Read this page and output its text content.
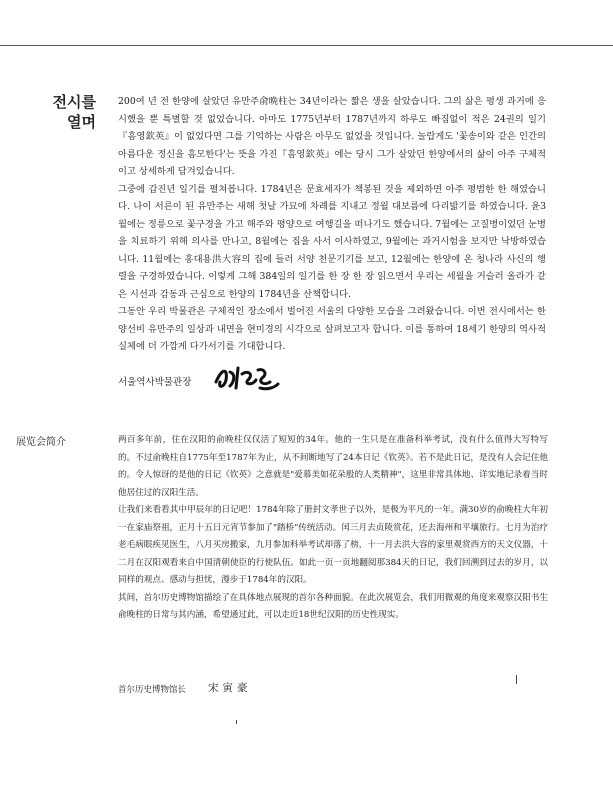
전시를
열며

200여 년 전 한양에 살았던 유만주俞晩柱는 34년이라는 짧은 생을 살았습니다. 그의 삶은 평생 과거에 응시했을 뿐 특별할 것 없었습니다. 아마도 1775년부터 1787년까지 하루도 빠짐없이 적은 24권의 일기『흠영欽英』이 없었다면 그를 기억하는 사람은 아무도 없었을 것입니다. 놀랍게도 '꽃송이와 같은 인간의 아름다운 정신을 흠모한다'는 뜻을 가진『흠영欽英』에는 당시 그가 살았던 한양에서의 삶이 아주 구체적이고 상세하게 담겨있습니다.

그중에 갑진년 일기를 펼쳐봅니다. 1784년은 문효세자가 책봉된 것을 제외하면 아주 평범한 한 해였습니다. 나이 서른이 된 유만주는 새해 첫날 가묘에 차례를 지내고 정월 대보름에 다리밟기를 하였습니다. 윤3월에는 정릉으로 꽃구경을 가고 해주와 평양으로 여행길을 떠나기도 했습니다. 7월에는 고질병이었던 눈병을 치료하기 위해 의사를 만나고, 8월에는 집을 사서 이사하였고, 9월에는 과거시험을 보지만 낙방하였습니다. 11월에는 홍대용洪大容의 집에 들러 서양 천문기기를 보고, 12월에는 한양에 온 청나라 사신의 행렬을 구경하였습니다. 이렇게 그해 384일의 일기를 한 장 한 장 읽으면서 우리는 세월을 거슬러 올라가 같은 시선과 감동과 근심으로 한양의 1784년을 산책합니다.

그동안 우리 박물관은 구체적인 장소에서 벌어진 서울의 다양한 모습을 그려왔습니다. 이번 전시에서는 한양선비 유만주의 일상과 내면을 현미경의 시각으로 살펴보고자 합니다. 이를 통하여 18세기 한양의 역사적 실체에 더 가깝게 다가서기를 기대합니다.

서울역사박물관장
展览会简介	两百多年前，住在汉阳的俞晚柱仅仅活了短短的34年。他的一生只是在准备科举考试，没有什么值得大写特写的。不过俞晚柱自1775年至1787年为止，从不间断地写了24本日记《钦英》。若不是此日记，是没有人会记住他的。令人惊讶的是他的日记《钦英》之意就是"爱慕美如花朵般的人类精神"，这里非常具体地、详实地记录着当时他居住过的汉阳生活。

让我们来看看其中甲辰年的日记吧！1784年除了册封文孝世子以外，是极为平凡的一年。满30岁的俞晚柱大年初一在家庙祭祖，正月十五日元宵节参加了"踏桥"传统活动。闰三月去贞陵赏花，还去海州和平壤旅行。七月为治疗老毛病眼疾见医生，八月买房搬家，九月参加科举考试却落了榜，十一月去洪大容的家里观赏西方的天文仪器，十二月在汉阳观看来自中国清朝使臣的行使队伍。如此一页一页地翻阅那384天的日记，我们回溯到过去的岁月，以同样的观点、感动与担忧，漫步于1784年的汉阳。

其间，首尔历史博物馆描绘了在具体地点展现的首尔各种面貌。在此次展览会，我们用微观的角度来观察汉阳书生俞晚柱的日常与其内涵，希望通过此，可以走近18世纪汉阳的历史性现实。

首尔历史博物馆长 宋寅豪
